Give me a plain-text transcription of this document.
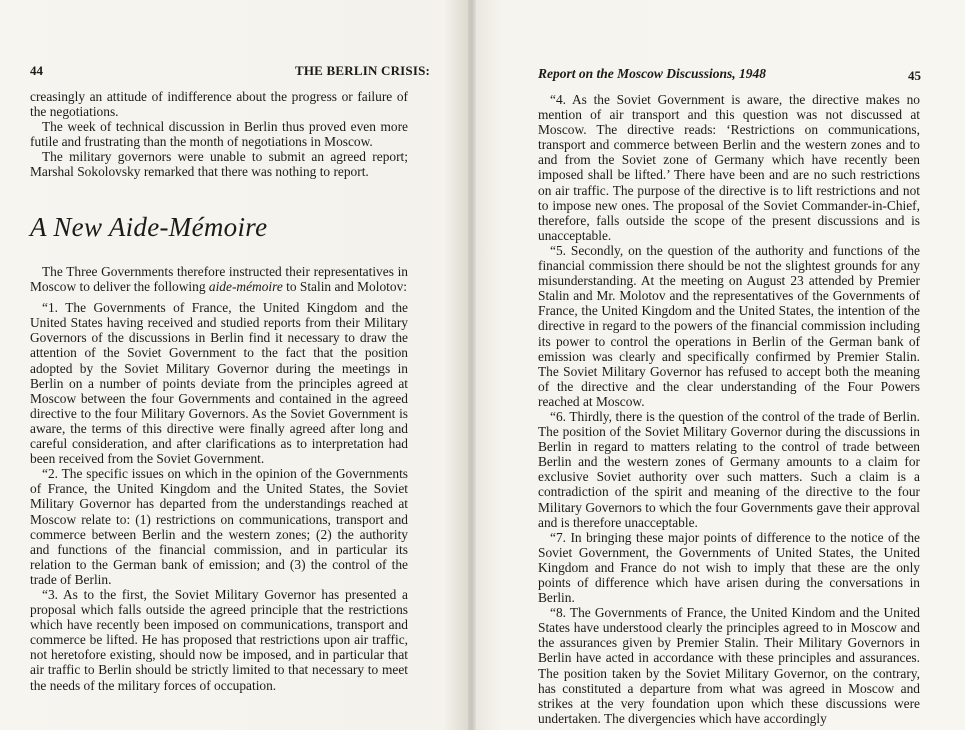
44	THE BERLIN CRISIS:

creasingly an attitude of indifference about the progress or failure of the negotiations.

The week of technical discussion in Berlin thus proved even more futile and frustrating than the month of negotiations in Moscow.

The military governors were unable to submit an agreed report; Marshal Sokolovsky remarked that there was nothing to report.

A New Aide-Mémoire

The Three Governments therefore instructed their representatives in Moscow to deliver the following aide-mémoire to Stalin and Molotov:

“1. The Governments of France, the United Kingdom and the United States having received and studied reports from their Military Governors of the discussions in Berlin find it necessary to draw the attention of the Soviet Government to the fact that the position adopted by the Soviet Military Governor during the meetings in Berlin on a number of points deviate from the principles agreed at Moscow between the four Governments and contained in the agreed directive to the four Military Governors. As the Soviet Government is aware, the terms of this directive were finally agreed after long and careful consideration, and after clarifications as to interpretation had been received from the Soviet Government.

“2. The specific issues on which in the opinion of the Governments of France, the United Kingdom and the United States, the Soviet Military Governor has departed from the understandings reached at Moscow relate to: (1) restrictions on communications, transport and commerce between Berlin and the western zones; (2) the authority and functions of the financial commission, and in particular its relation to the German bank of emission; and (3) the control of the trade of Berlin.

“3. As to the first, the Soviet Military Governor has presented a proposal which falls outside the agreed principle that the restrictions which have recently been imposed on communications, transport and commerce be lifted. He has proposed that restrictions upon air traffic, not heretofore existing, should now be imposed, and in particular that air traffic to Berlin should be strictly limited to that necessary to meet the needs of the military forces of occupation.

Report on the Moscow Discussions, 1948	45

“4. As the Soviet Government is aware, the directive makes no mention of air transport and this question was not discussed at Moscow. The directive reads: ‘Restrictions on communications, transport and commerce between Berlin and the western zones and to and from the Soviet zone of Germany which have recently been imposed shall be lifted.’ There have been and are no such restrictions on air traffic. The purpose of the directive is to lift restrictions and not to impose new ones. The proposal of the Soviet Commander-in-Chief, therefore, falls outside the scope of the present discussions and is unacceptable.

“5. Secondly, on the question of the authority and functions of the financial commission there should be not the slightest grounds for any misunderstanding. At the meeting on August 23 attended by Premier Stalin and Mr. Molotov and the representatives of the Governments of France, the United Kingdom and the United States, the intention of the directive in regard to the powers of the financial commission including its power to control the operations in Berlin of the German bank of emission was clearly and specifically confirmed by Premier Stalin. The Soviet Military Governor has refused to accept both the meaning of the directive and the clear understanding of the Four Powers reached at Moscow.

“6. Thirdly, there is the question of the control of the trade of Berlin. The position of the Soviet Military Governor during the discussions in Berlin in regard to matters relating to the control of trade between Berlin and the western zones of Germany amounts to a claim for exclusive Soviet authority over such matters. Such a claim is a contradiction of the spirit and meaning of the directive to the four Military Governors to which the four Governments gave their approval and is therefore unacceptable.

“7. In bringing these major points of difference to the notice of the Soviet Government, the Governments of United States, the United Kingdom and France do not wish to imply that these are the only points of difference which have arisen during the conversations in Berlin.

“8. The Governments of France, the United Kindom and the United States have understood clearly the principles agreed to in Moscow and the assurances given by Premier Stalin. Their Military Governors in Berlin have acted in accordance with these principles and assurances. The position taken by the Soviet Military Governor, on the contrary, has constituted a departure from what was agreed in Moscow and strikes at the very foundation upon which these discussions were undertaken. The divergencies which have accordingly
